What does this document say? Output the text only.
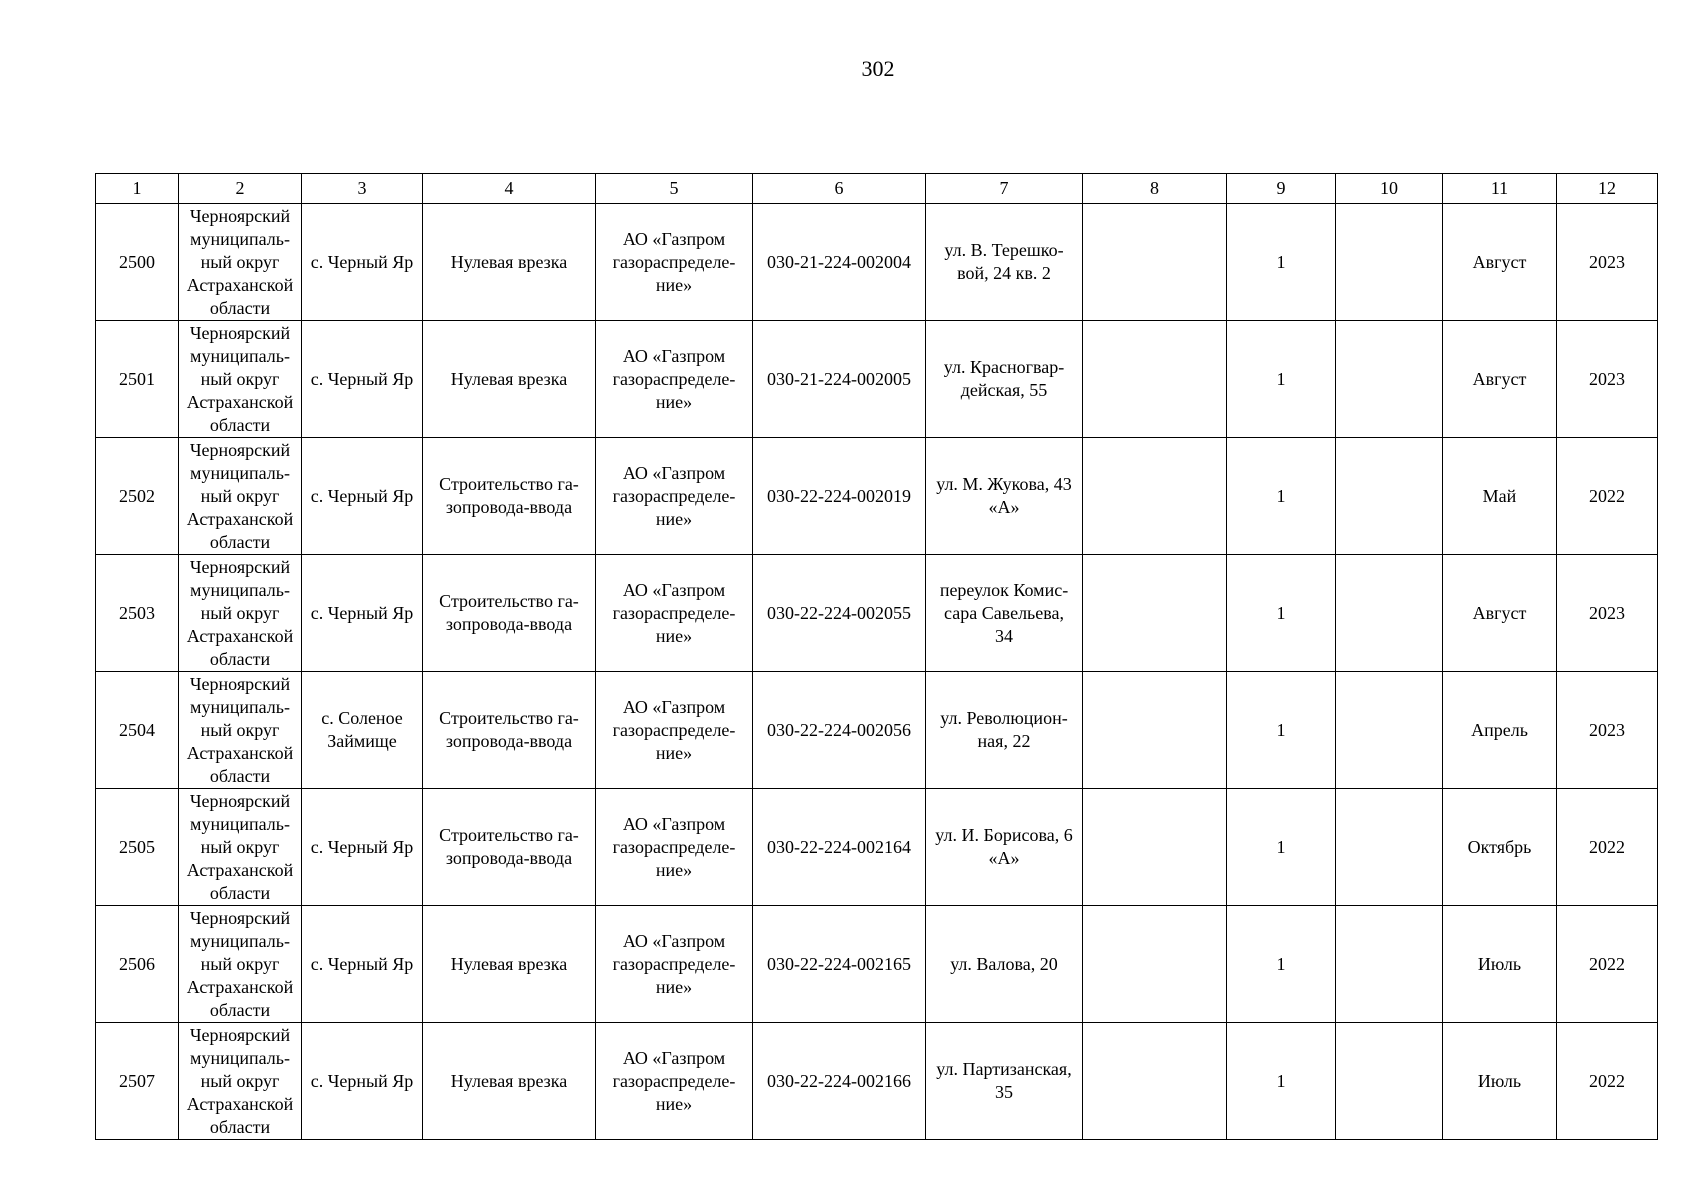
302
1	2	3	4	5	6	7	8	9	10	11	12

2500	Черноярский
муниципаль-
ный округ
Астраханской
области	с. Черный Яр	Нулевая врезка	АО «Газпром
газораспределе-
ние»	030-21-224-002004	ул. В. Терешко-
вой, 24 кв. 2		1		Август	2023

2501	Черноярский
муниципаль-
ный округ
Астраханской
области	с. Черный Яр	Нулевая врезка	АО «Газпром
газораспределе-
ние»	030-21-224-002005	ул. Красногвар-
дейская, 55		1		Август	2023

2502	Черноярский
муниципаль-
ный округ
Астраханской
области	с. Черный Яр	Строительство га-
зопровода-ввода	АО «Газпром
газораспределе-
ние»	030-22-224-002019	ул. М. Жукова, 43
«А»		1		Май	2022

2503	Черноярский
муниципаль-
ный округ
Астраханской
области	с. Черный Яр	Строительство га-
зопровода-ввода	АО «Газпром
газораспределе-
ние»	030-22-224-002055	переулок Комис-
сара Савельева,
34		1		Август	2023

2504	Черноярский
муниципаль-
ный округ
Астраханской
области	с. Соленое
Займище	Строительство га-
зопровода-ввода	АО «Газпром
газораспределе-
ние»	030-22-224-002056	ул. Революцион-
ная, 22		1		Апрель	2023

2505	Черноярский
муниципаль-
ный округ
Астраханской
области	с. Черный Яр	Строительство га-
зопровода-ввода	АО «Газпром
газораспределе-
ние»	030-22-224-002164	ул. И. Борисова, 6
«А»		1		Октябрь	2022

2506	Черноярский
муниципаль-
ный округ
Астраханской
области	с. Черный Яр	Нулевая врезка	АО «Газпром
газораспределе-
ние»	030-22-224-002165	ул. Валова, 20		1		Июль	2022

2507	Черноярский
муниципаль-
ный округ
Астраханской
области	с. Черный Яр	Нулевая врезка	АО «Газпром
газораспределе-
ние»	030-22-224-002166	ул. Партизанская,
35		1		Июль	2022
